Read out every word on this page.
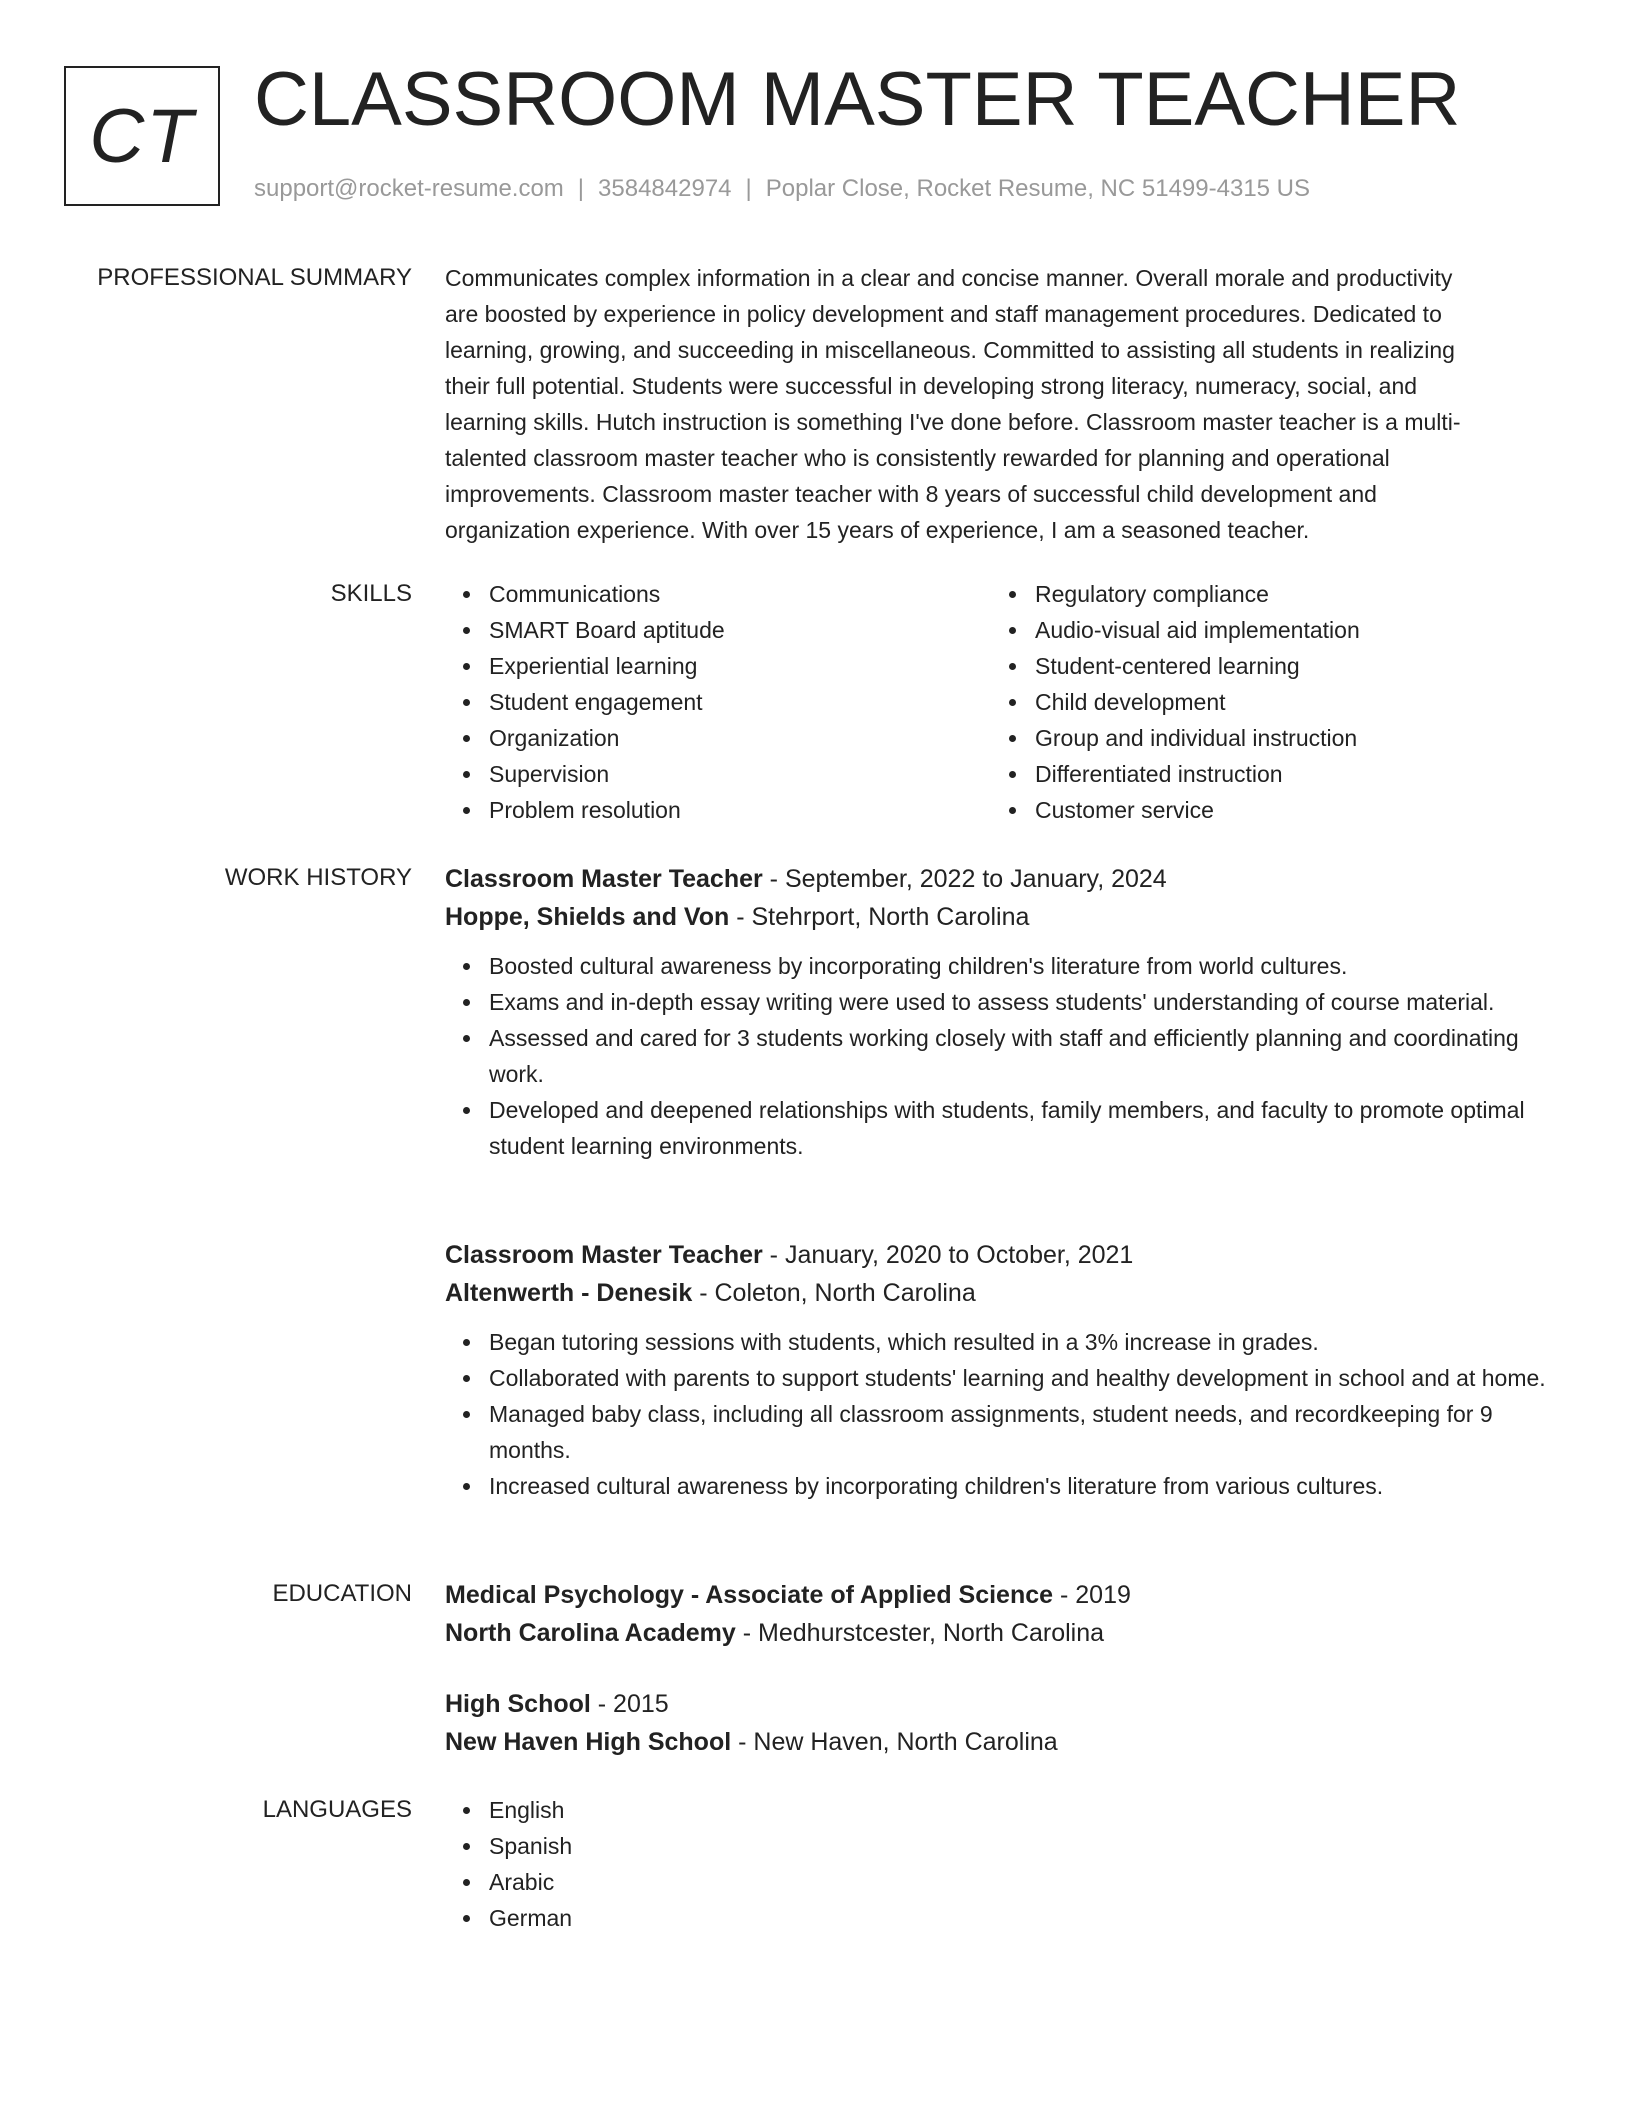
CT CLASSROOM MASTER TEACHER
support@rocket-resume.com | 3584842974 | Poplar Close, Rocket Resume, NC 51499-4315 US
PROFESSIONAL SUMMARY Communicates complex information in a clear and concise manner. Overall morale and productivity
are boosted by experience in policy development and staff management procedures. Dedicated to
learning, growing, and succeeding in miscellaneous. Committed to assisting all students in realizing
their full potential. Students were successful in developing strong literacy, numeracy, social, and
learning skills. Hutch instruction is something I've done before. Classroom master teacher is a multi-
talented classroom master teacher who is consistently rewarded for planning and operational
improvements. Classroom master teacher with 8 years of successful child development and
organization experience. With over 15 years of experience, I am a seasoned teacher.
SKILLS	Communications
SMART Board aptitude
Experiential learning
Student engagement
Organization
Supervision
Problem resolution
Regulatory compliance
Audio-visual aid implementation
Student-centered learning
Child development
Group and individual instruction
Differentiated instruction
Customer service
WORK HISTORY Classroom Master Teacher - September, 2022 to January, 2024
Hoppe, Shields and Von - Stehrport, North Carolina
Boosted cultural awareness by incorporating children's literature from world cultures.
Exams and in-depth essay writing were used to assess students' understanding of course material.
Assessed and cared for 3 students working closely with staff and efficiently planning and coordinating work.
Developed and deepened relationships with students, family members, and faculty to promote optimal student learning environments.
Classroom Master Teacher - January, 2020 to October, 2021
Altenwerth - Denesik - Coleton, North Carolina
Began tutoring sessions with students, which resulted in a 3% increase in grades.
Collaborated with parents to support students' learning and healthy development in school and at home.
Managed baby class, including all classroom assignments, student needs, and recordkeeping for 9 months.
Increased cultural awareness by incorporating children's literature from various cultures.
EDUCATION Medical Psychology - Associate of Applied Science - 2019
North Carolina Academy - Medhurstcester, North Carolina
High School - 2015
New Haven High School - New Haven, North Carolina
LANGUAGES	English
Spanish
Arabic
German
